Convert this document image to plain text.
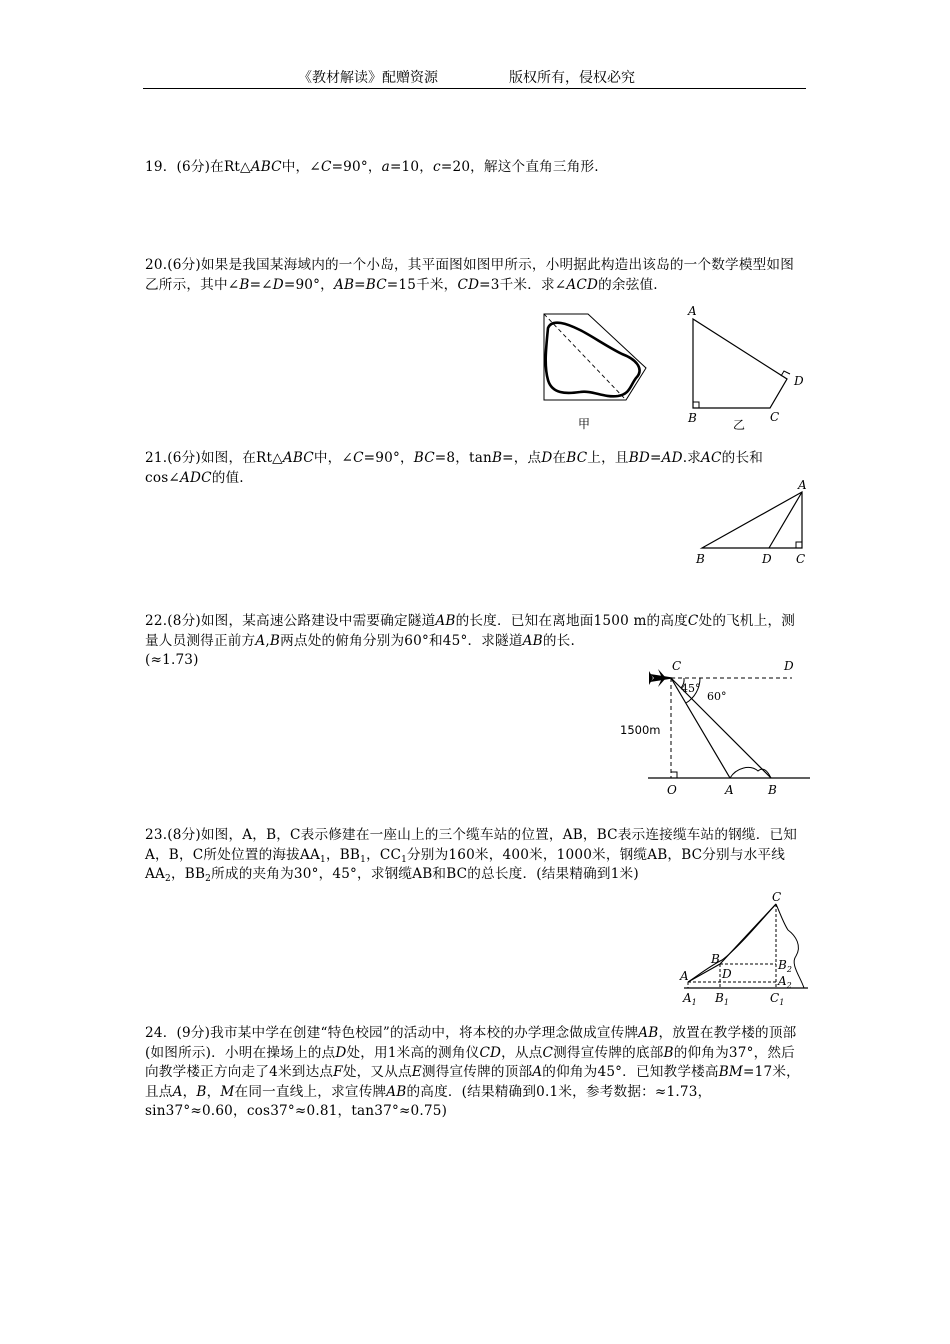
《教材解读》配赠资源	版权所有，侵权必究

19．(6分)在Rt△ABC中，∠C=90°，a=10，c=20，解这个直角三角形.

20.(6分)如果是我国某海域内的一个小岛，其平面图如图甲所示，小明据此构造出该岛的一个数学模型如图乙所示，其中∠B=∠D=90°，AB=BC=15千米，CD=3千米．求∠ACD的余弦值.

甲
A
B	C
D
乙

21.(6分)如图，在Rt△ABC中，∠C=90°，BC=8，tanB=，点D在BC上，且BD=AD.求AC的长和cos∠ADC的值.	A
B	D C

22.(8分)如图，某高速公路建设中需要确定隧道AB的长度．已知在离地面1500 m的高度C处的飞机上，测量人员测得正前方A,B两点处的俯角分别为60°和45°．求隧道AB的长.
(≈1.73)	C	D
O	A	B
45°
60°
1500m

23.(8分)如图，A，B，C表示修建在一座山上的三个缆车站的位置，AB，BC表示连接缆车站的钢缆．已知A，B，C所处位置的海拔$AA_1$，$BB_1$，$CC_1$分别为160米，400米，1000米，钢缆AB，BC分别与水平线$AA_2$，$BB_2$所成的夹角为30°，45°，求钢缆AB和BC的总长度．(结果精确到1米)

C
B
D
A
$B_2$
$A_2$
$A_1$ $B_1$	$C_1$

24．(9分)我市某中学在创建“特色校园”的活动中，将本校的办学理念做成宣传牌AB，放置在教学楼的顶部(如图所示)．小明在操场上的点D处，用1米高的测角仪CD，从点C测得宣传牌的底部B的仰角为37°，然后向教学楼正方向走了4米到达点F处，又从点E测得宣传牌的顶部A的仰角为45°．已知教学楼高BM=17米，且点A，B，M在同一直线上，求宣传牌AB的高度．(结果精确到0.1米，参考数据：≈1.73，sin37°≈0.60，cos37°≈0.81，tan37°≈0.75)
